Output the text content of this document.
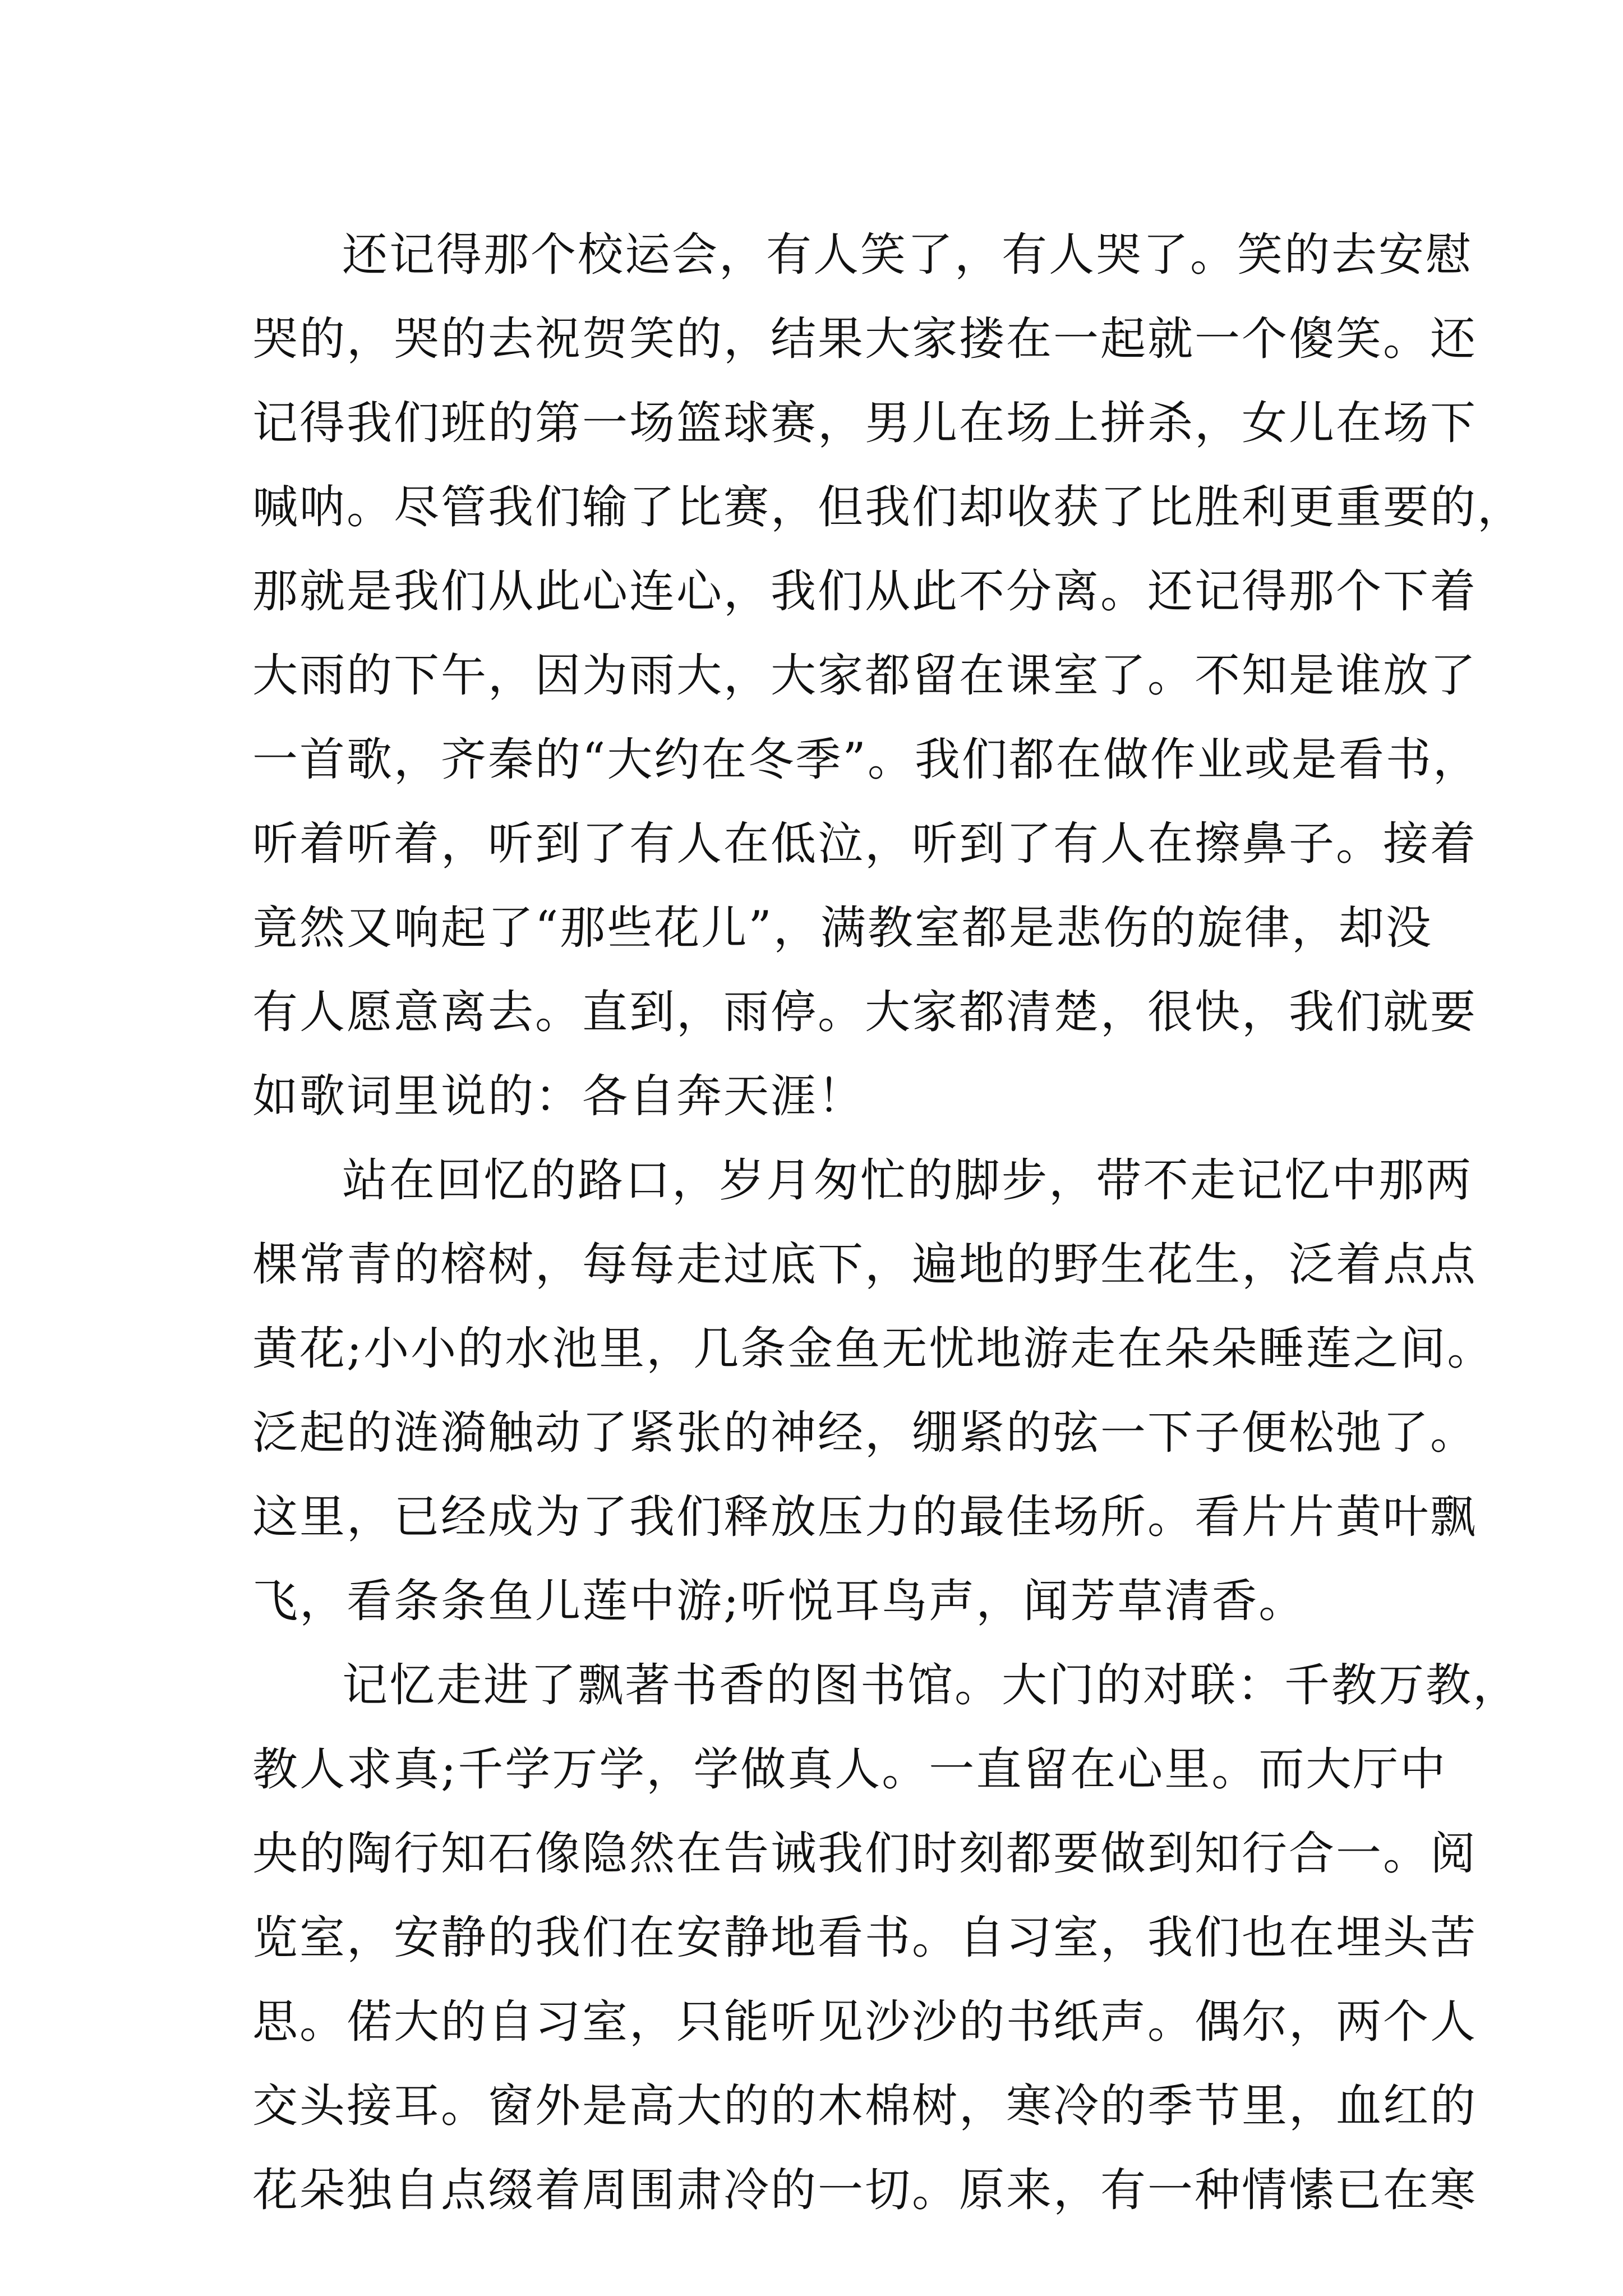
还记得那个校运会，有人笑了，有人哭了。笑的去安慰
哭的，哭的去祝贺笑的，结果大家搂在一起就一个傻笑。还
记得我们班的第一场篮球赛，男儿在场上拼杀，女儿在场下
喊呐。尽管我们输了比赛，但我们却收获了比胜利更重要的，
那就是我们从此心连心，我们从此不分离。还记得那个下着
大雨的下午，因为雨大，大家都留在课室了。不知是谁放了
一首歌，齐秦的“大约在冬季”。我们都在做作业或是看书，
听着听着，听到了有人在低泣，听到了有人在擦鼻子。接着
竟然又响起了“那些花儿”，满教室都是悲伤的旋律，却没
有人愿意离去。直到，雨停。大家都清楚，很快，我们就要
如歌词里说的：各自奔天涯！
站在回忆的路口，岁月匆忙的脚步，带不走记忆中那两
棵常青的榕树，每每走过底下，遍地的野生花生，泛着点点
黄花;小小的水池里，几条金鱼无忧地游走在朵朵睡莲之间。
泛起的涟漪触动了紧张的神经，绷紧的弦一下子便松弛了。
这里，已经成为了我们释放压力的最佳场所。看片片黄叶飘
飞，看条条鱼儿莲中游;听悦耳鸟声，闻芳草清香。
记忆走进了飘著书香的图书馆。大门的对联：千教万教，
教人求真;千学万学，学做真人。一直留在心里。而大厅中
央的陶行知石像隐然在告诫我们时刻都要做到知行合一。阅
览室，安静的我们在安静地看书。自习室，我们也在埋头苦
思。偌大的自习室，只能听见沙沙的书纸声。偶尔，两个人
交头接耳。窗外是高大的的木棉树，寒冷的季节里，血红的
花朵独自点缀着周围肃冷的一切。原来，有一种情愫已在寒
